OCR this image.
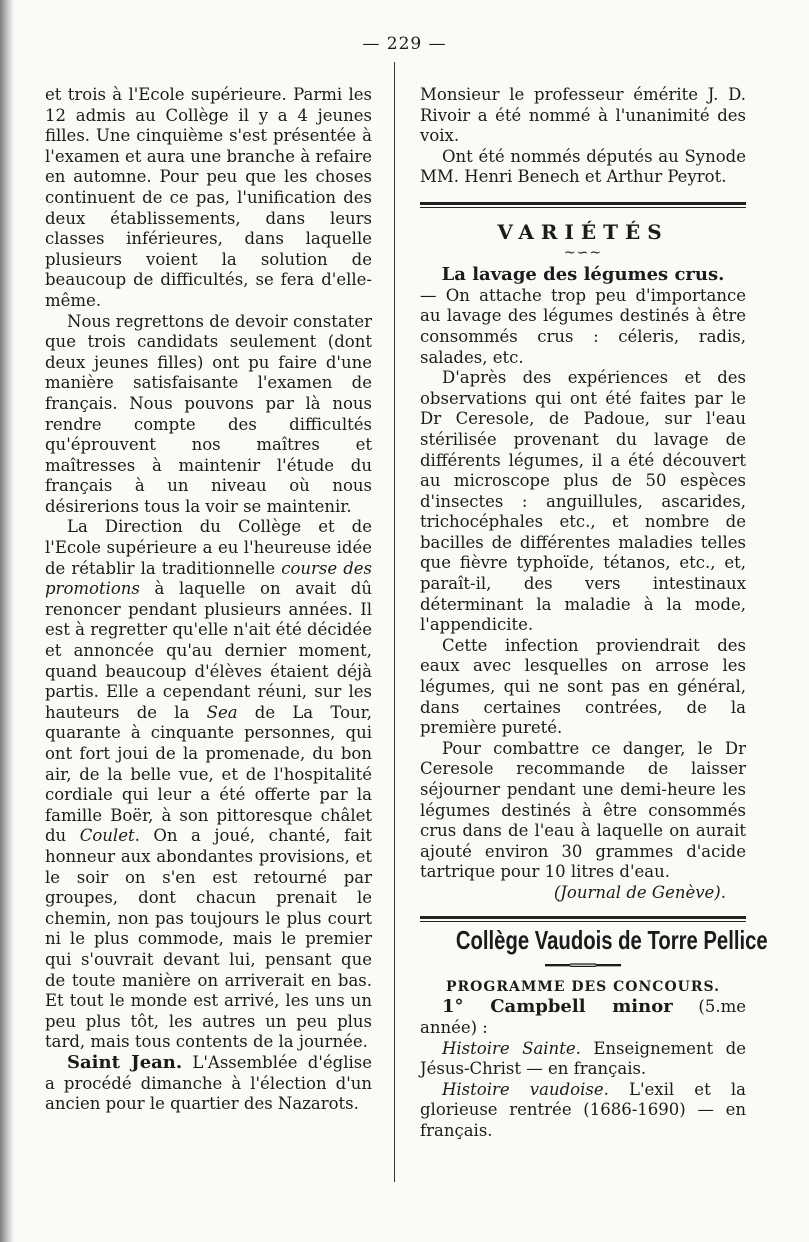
— 229 —

et trois à l'Ecole supérieure. Parmi les 12 admis au Collège il y a 4 jeunes filles. Une cinquième s'est présentée à l'examen et aura une branche à refaire en automne. Pour peu que les choses continuent de ce pas, l'unification des deux établissements, dans leurs classes inférieures, dans laquelle plusieurs voient la solution de beaucoup de difficultés, se fera d'elle-même.

Nous regrettons de devoir constater que trois candidats seulement (dont deux jeunes filles) ont pu faire d'une manière satisfaisante l'examen de français. Nous pouvons par là nous rendre compte des difficultés qu'éprouvent nos maîtres et maîtresses à maintenir l'étude du français à un niveau où nous désirerions tous la voir se maintenir.

La Direction du Collège et de l'Ecole supérieure a eu l'heureuse idée de rétablir la traditionnelle course des promotions à laquelle on avait dû renoncer pendant plusieurs années. Il est à regretter qu'elle n'ait été décidée et annoncée qu'au dernier moment, quand beaucoup d'élèves étaient déjà partis. Elle a cependant réuni, sur les hauteurs de la Sea de La Tour, quarante à cinquante personnes, qui ont fort joui de la promenade, du bon air, de la belle vue, et de l'hospitalité cordiale qui leur a été offerte par la famille Boër, à son pittoresque châlet du Coulet. On a joué, chanté, fait honneur aux abondantes provisions, et le soir on s'en est retourné par groupes, dont chacun prenait le chemin, non pas toujours le plus court ni le plus commode, mais le premier qui s'ouvrait devant lui, pensant que de toute manière on arriverait en bas. Et tout le monde est arrivé, les uns un peu plus tôt, les autres un peu plus tard, mais tous contents de la journée.

Saint Jean. L'Assemblée d'église a procédé dimanche à l'élection d'un ancien pour le quartier des Nazarots.

Monsieur le professeur émérite J. D. Rivoir a été nommé à l'unanimité des voix.

Ont été nommés députés au Synode MM. Henri Benech et Arthur Peyrot.

VARIÉTÉS

~∽~

La lavage des légumes crus.

— On attache trop peu d'importance au lavage des légumes destinés à être consommés crus : céleris, radis, salades, etc.

D'après des expériences et des observations qui ont été faites par le Dr Ceresole, de Padoue, sur l'eau stérilisée provenant du lavage de différents légumes, il a été découvert au microscope plus de 50 espèces d'insectes : anguillules, ascarides, trichocéphales etc., et nombre de bacilles de différentes maladies telles que fièvre typhoïde, tétanos, etc., et, paraît-il, des vers intestinaux déterminant la maladie à la mode, l'appendicite.

Cette infection proviendrait des eaux avec lesquelles on arrose les légumes, qui ne sont pas en général, dans certaines contrées, de la première pureté.

Pour combattre ce danger, le Dr Ceresole recommande de laisser séjourner pendant une demi-heure les légumes destinés à être consommés crus dans de l'eau à laquelle on aurait ajouté environ 30 grammes d'acide tartrique pour 10 litres d'eau.

(Journal de Genève).

Collège Vaudois de Torre Pellice

━━━═══━━━

PROGRAMME DES CONCOURS.

1° Campbell minor (5.me année) :

Histoire Sainte. Enseignement de Jésus-Christ — en français.

Histoire vaudoise. L'exil et la glorieuse rentrée (1686-1690) — en français.
